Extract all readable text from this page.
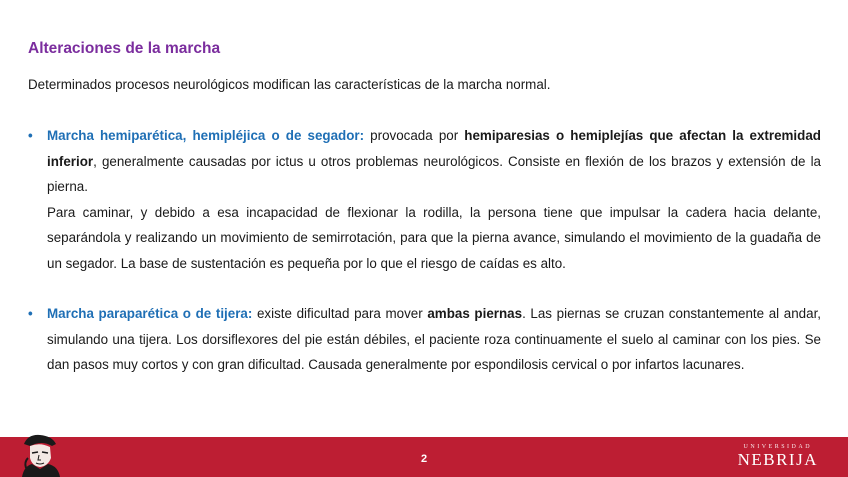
Alteraciones de la marcha
Determinados procesos neurológicos modifican las características de la marcha normal.
• Marcha hemiparética, hemipléjica o de segador: provocada por hemiparesias o hemiplejías que afectan la extremidad inferior, generalmente causadas por ictus u otros problemas neurológicos. Consiste en flexión de los brazos y extensión de la pierna.
Para caminar, y debido a esa incapacidad de flexionar la rodilla, la persona tiene que impulsar la cadera hacia delante, separándola y realizando un movimiento de semirrotación, para que la pierna avance, simulando el movimiento de la guadaña de un segador. La base de sustentación es pequeña por lo que el riesgo de caídas es alto.
• Marcha paraparética o de tijera: existe dificultad para mover ambas piernas. Las piernas se cruzan constantemente al andar, simulando una tijera. Los dorsiflexores del pie están débiles, el paciente roza continuamente el suelo al caminar con los pies. Se dan pasos muy cortos y con gran dificultad. Causada generalmente por espondilosis cervical o por infartos lacunares.
2
UNIVERSIDAD
NEBRIJA
